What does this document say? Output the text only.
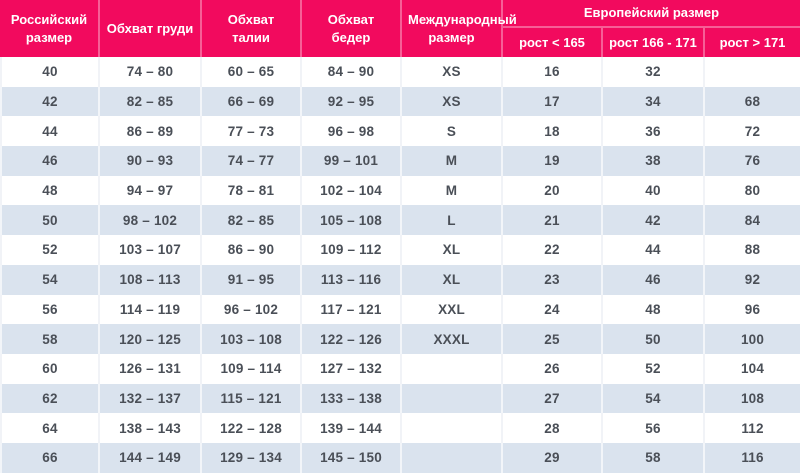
Российский размер	Обхват груди	Обхват талии	Обхват бедер	Международный размер	Европейский размер		
					рост < 165	рост 166 - 171	рост > 171
40	74 – 80	60 – 65	84 – 90	XS	16	32	
42	82 – 85	66 – 69	92 – 95	XS	17	34	68
44	86 – 89	77 – 73	96 – 98	S	18	36	72
46	90 – 93	74 – 77	99 – 101	M	19	38	76
48	94 – 97	78 – 81	102 – 104	M	20	40	80
50	98 – 102	82 – 85	105 – 108	L	21	42	84
52	103 – 107	86 – 90	109 – 112	XL	22	44	88
54	108 – 113	91 – 95	113 – 116	XL	23	46	92
56	114 – 119	96 – 102	117 – 121	XXL	24	48	96
58	120 – 125	103 – 108	122 – 126	XXXL	25	50	100
60	126 – 131	109 – 114	127 – 132		26	52	104
62	132 – 137	115 – 121	133 – 138		27	54	108
64	138 – 143	122 – 128	139 – 144		28	56	112
66	144 – 149	129 – 134	145 – 150		29	58	116
